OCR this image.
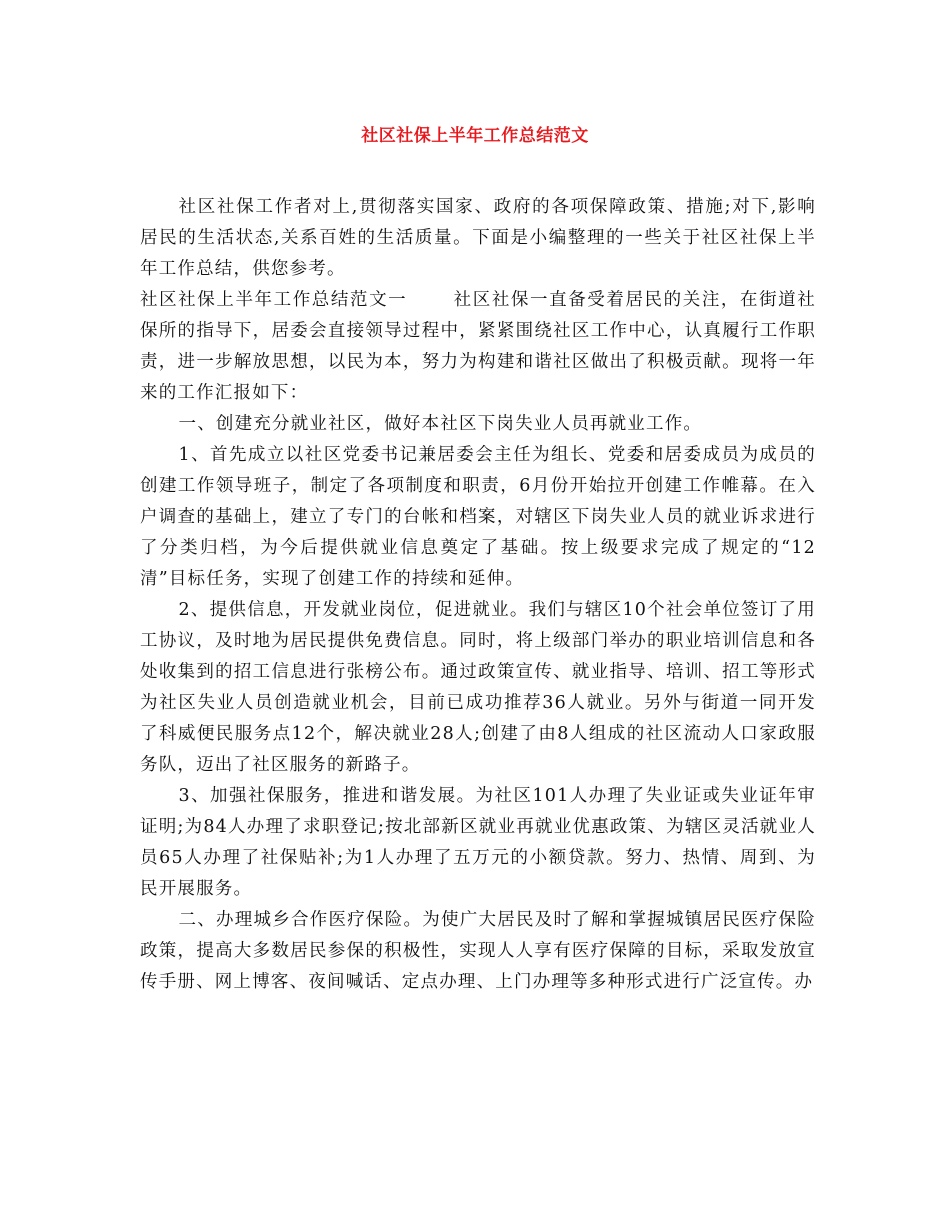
社区社保上半年工作总结范文

社区社保工作者对上,贯彻落实国家、政府的各项保障政策、措施;对下,影响居民的生活状态,关系百姓的生活质量。下面是小编整理的一些关于社区社保上半年工作总结，供您参考。

社区社保上半年工作总结范文一	社区社保一直备受着居民的关注，在街道社保所的指导下，居委会直接领导过程中，紧紧围绕社区工作中心，认真履行工作职责，进一步解放思想，以民为本，努力为构建和谐社区做出了积极贡献。现将一年来的工作汇报如下：

一、创建充分就业社区，做好本社区下岗失业人员再就业工作。

1、首先成立以社区党委书记兼居委会主任为组长、党委和居委成员为成员的创建工作领导班子，制定了各项制度和职责，6月份开始拉开创建工作帷幕。在入户调查的基础上，建立了专门的台帐和档案，对辖区下岗失业人员的就业诉求进行了分类归档，为今后提供就业信息奠定了基础。按上级要求完成了规定的“12清”目标任务，实现了创建工作的持续和延伸。

2、提供信息，开发就业岗位，促进就业。我们与辖区10个社会单位签订了用工协议，及时地为居民提供免费信息。同时，将上级部门举办的职业培训信息和各处收集到的招工信息进行张榜公布。通过政策宣传、就业指导、培训、招工等形式为社区失业人员创造就业机会，目前已成功推荐36人就业。另外与街道一同开发了科威便民服务点12个，解决就业28人;创建了由8人组成的社区流动人口家政服务队，迈出了社区服务的新路子。

3、加强社保服务，推进和谐发展。为社区101人办理了失业证或失业证年审证明;为84人办理了求职登记;按北部新区就业再就业优惠政策、为辖区灵活就业人员65人办理了社保贴补;为1人办理了五万元的小额贷款。努力、热情、周到、为民开展服务。

二、办理城乡合作医疗保险。为使广大居民及时了解和掌握城镇居民医疗保险政策，提高大多数居民参保的积极性，实现人人享有医疗保障的目标，采取发放宣传手册、网上博客、夜间喊话、定点办理、上门办理等多种形式进行广泛宣传。办
